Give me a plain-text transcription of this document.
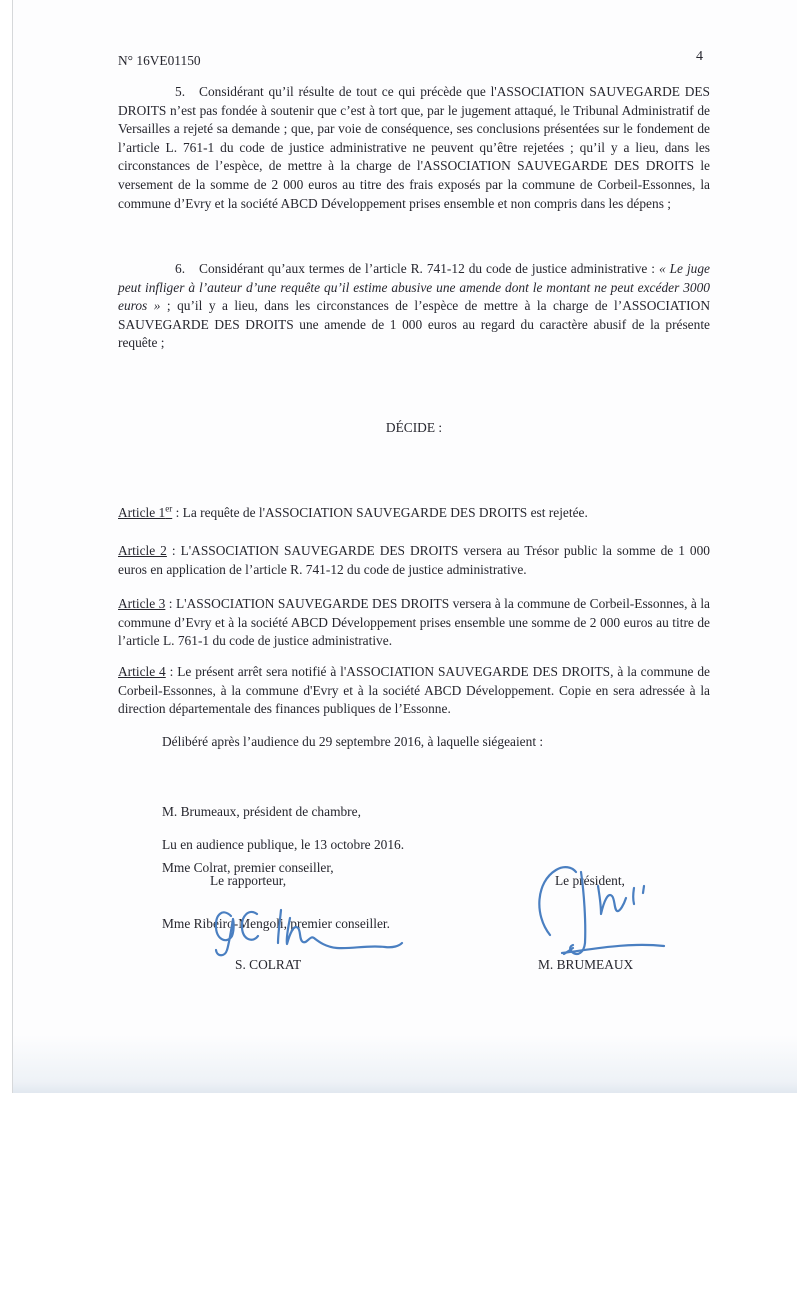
N° 16VE01150	4
5. Considérant qu’il résulte de tout ce qui précède que l'ASSOCIATION SAUVEGARDE DES DROITS n’est pas fondée à soutenir que c’est à tort que, par le jugement attaqué, le Tribunal Administratif de Versailles a rejeté sa demande ; que, par voie de conséquence, ses conclusions présentées sur le fondement de l’article L. 761-1 du code de justice administrative ne peuvent qu’être rejetées ; qu’il y a lieu, dans les circonstances de l’espèce, de mettre à la charge de l'ASSOCIATION SAUVEGARDE DES DROITS le versement de la somme de 2 000 euros au titre des frais exposés par la commune de Corbeil-Essonnes, la commune d’Evry et la société ABCD Développement prises ensemble et non compris dans les dépens ;
6. Considérant qu’aux termes de l’article R. 741-12 du code de justice administrative : « Le juge peut infliger à l’auteur d’une requête qu’il estime abusive une amende dont le montant ne peut excéder 3000 euros » ; qu’il y a lieu, dans les circonstances de l’espèce de mettre à la charge de l’ASSOCIATION SAUVEGARDE DES DROITS une amende de 1 000 euros au regard du caractère abusif de la présente requête ;
DÉCIDE :
Article 1er : La requête de l'ASSOCIATION SAUVEGARDE DES DROITS est rejetée.
Article 2 : L'ASSOCIATION SAUVEGARDE DES DROITS versera au Trésor public la somme de 1 000 euros en application de l’article R. 741-12 du code de justice administrative.
Article 3 : L'ASSOCIATION SAUVEGARDE DES DROITS versera à la commune de Corbeil-Essonnes, à la commune d’Evry et à la société ABCD Développement prises ensemble une somme de 2 000 euros au titre de l’article L. 761-1 du code de justice administrative.
Article 4 : Le présent arrêt sera notifié à l'ASSOCIATION SAUVEGARDE DES DROITS, à la commune de Corbeil-Essonnes, à la commune d'Evry et à la société ABCD Développement. Copie en sera adressée à la direction départementale des finances publiques de l’Essonne.
Délibéré après l’audience du 29 septembre 2016, à laquelle siégeaient :

M. Brumeaux, président de chambre,

Mme Colrat, premier conseiller,

Mme Ribeiro-Mengoli, premier conseiller.

Lu en audience publique, le 13 octobre 2016.
Le rapporteur,	Le président,
S. COLRAT	M. BRUMEAUX
